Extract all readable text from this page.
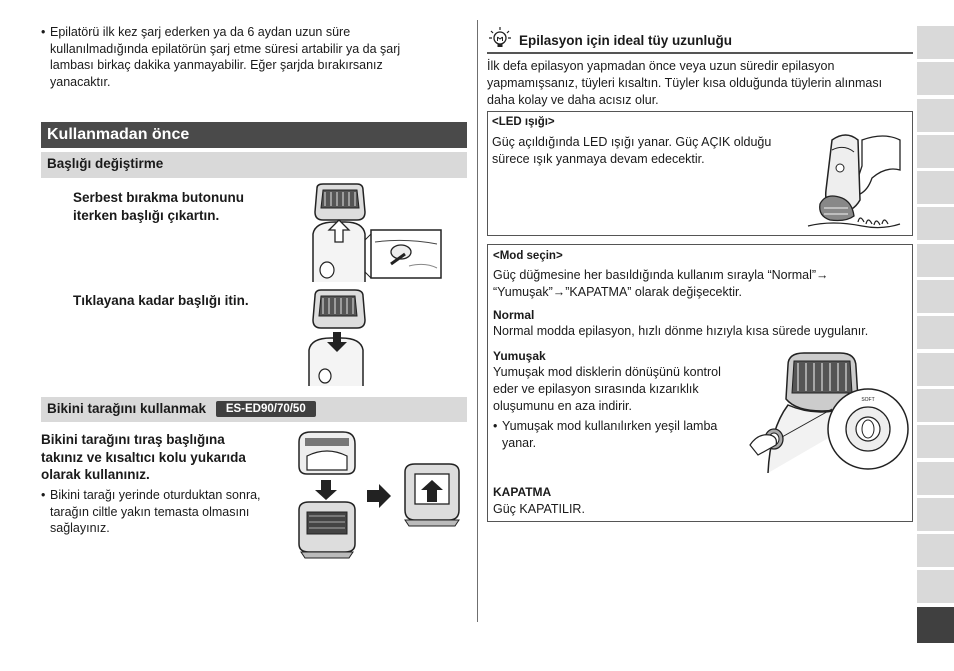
• Epilatörü ilk kez şarj ederken ya da 6 aydan uzun süre
kullanılmadığında epilatörün şarj etme süresi artabilir ya da şarj
lambası birkaç dakika yanmayabilir. Eğer şarjda bırakırsanız
yanacaktır.
Kullanmadan önce
Başlığı değiştirme
Serbest bırakma butonunu
iterken başlığı çıkartın.
Tıklayana kadar başlığı itin.
Bikini tarağını kullanmak ES-ED90/70/50
Bikini tarağını tıraş başlığına
takınız ve kısaltıcı kolu yukarıda
olarak kullanınız.
• Bikini tarağı yerinde oturduktan sonra,
tarağın ciltle yakın temasta olmasını
sağlayınız.
Epilasyon için ideal tüy uzunluğu
İlk defa epilasyon yapmadan önce veya uzun süredir epilasyon
yapmamışsanız, tüyleri kısaltın. Tüyler kısa olduğunda tüylerin alınması
daha kolay ve daha acısız olur.
<LED ışığı>
Güç açıldığında LED ışığı yanar. Güç AÇIK olduğu
sürece ışık yanmaya devam edecektir.
<Mod seçin>
Güç düğmesine her basıldığında kullanım sırayla “Normal”→
“Yumuşak”→”KAPATMA” olarak değişecektir.
Normal
Normal modda epilasyon, hızlı dönme hızıyla kısa sürede uygulanır.
Yumuşak
Yumuşak mod disklerin dönüşünü kontrol
eder ve epilasyon sırasında kızarıklık
oluşumunu en aza indirir.
• Yumuşak mod kullanılırken yeşil lamba
yanar.
KAPATMA
Güç KAPATILIR.
SOFT
